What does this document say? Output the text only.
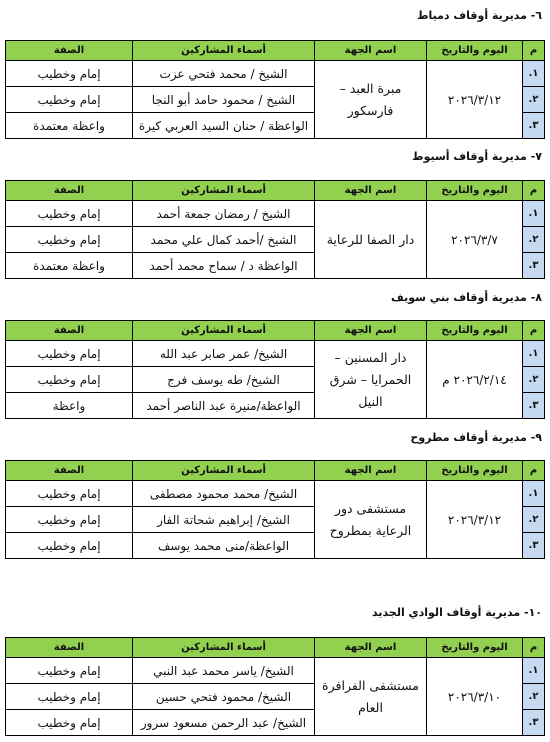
٦- مديرية أوقاف دمياط
م	اليوم والتاريخ	اسم الجهة	أسماء المشاركين	الصفة
١.	٢٠٢٦/٣/١٢	مبرة العبد – فارسكور	الشيخ / محمد فتحي عزت	إمام وخطيب
٢.			الشيخ / محمود حامد أبو النجا	إمام وخطيب
٣.			الواعظة / حنان السيد العربي كيرة	واعظة معتمدة
٧- مديرية أوقاف أسيوط
م	اليوم والتاريخ	اسم الجهة	أسماء المشاركين	الصفة
١.	٢٠٢٦/٣/٧	دار الصفا للرعاية	الشيخ / رمضان جمعة أحمد	إمام وخطيب
٢.			الشيخ /أحمد كمال علي محمد	إمام وخطيب
٣.			الواعظة د / سماح محمد أحمد	واعظة معتمدة
٨- مديرية أوقاف بني سويف
م	اليوم والتاريخ	اسم الجهة	أسماء المشاركين	الصفة
١.	٢٠٢٦/٢/١٤ م	دار المسنين – الحمرايا – شرق النيل	الشيخ/ عمر صابر عبد الله	إمام وخطيب
٢.			الشيخ/ طه يوسف فرج	إمام وخطيب
٣.			الواعظة/منيرة عبد الناصر أحمد	واعظة
٩- مديرية أوقاف مطروح
م	اليوم والتاريخ	اسم الجهة	أسماء المشاركين	الصفة
١.	٢٠٢٦/٣/١٢	مستشفى دور الرعاية بمطروح	الشيخ/ محمد محمود مصطفى	إمام وخطيب
٢.			الشيخ/ إبراهيم شحاتة الفار	إمام وخطيب
٣.			الواعظة/منى محمد يوسف	إمام وخطيب
١٠- مديرية أوقاف الوادي الجديد
م	اليوم والتاريخ	اسم الجهة	أسماء المشاركين	الصفة
١.	٢٠٢٦/٣/١٠	مستشفى الفرافرة العام	الشيخ/ ياسر محمد عبد النبي	إمام وخطيب
٢.			الشيخ/ محمود فتحي حسين	إمام وخطيب
٣.			الشيخ/ عبد الرحمن مسعود سرور	إمام وخطيب
